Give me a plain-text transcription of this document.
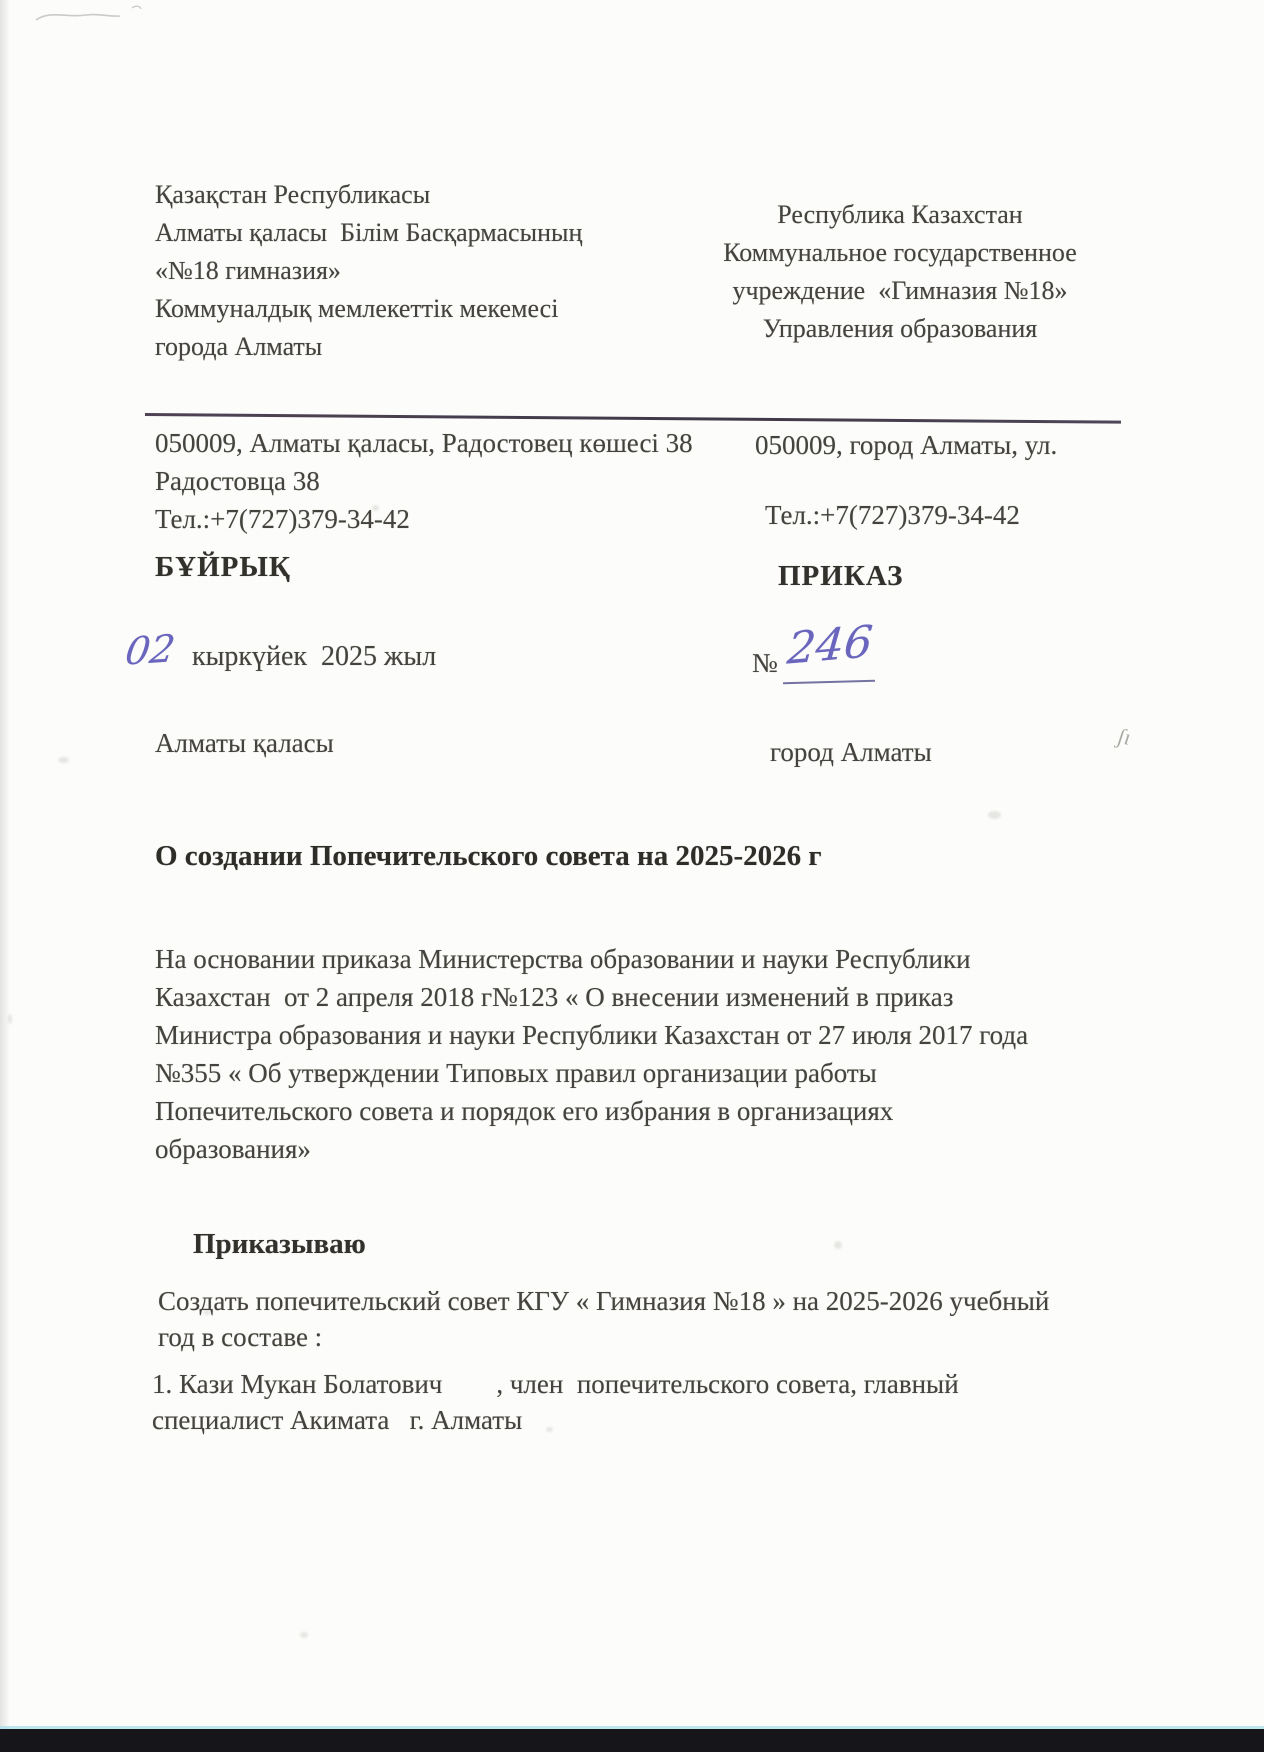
Қазақстан Республикасы
Алматы қаласы  Білім Басқармасының
«№18 гимназия»
Коммуналдық мемлекеттік мекемесі
города Алматы
Республика Казахстан
Коммунальное государственное
учреждение  «Гимназия №18»
Управления образования
050009, Алматы қаласы, Радостовец көшесі 38
Радостовца 38
Тел.:+7(727)379-34-42
050009, город Алматы, ул.
Тел.:+7(727)379-34-42
БҰЙРЫҚ	ПРИКАЗ
02 кыркүйек  2025 жыл	№ 246
Алматы қаласы	город Алматы
ʃı
О создании Попечительского совета на 2025-2026 г
На основании приказа Министерства образовании и науки Республики
Казахстан  от 2 апреля 2018 г№123 « О внесении изменений в приказ
Министра образования и науки Республики Казахстан от 27 июля 2017 года
№355 « Об утверждении Типовых правил организации работы
Попечительского совета и порядок его избрания в организациях
образования»
Приказываю
Создать попечительский совет КГУ « Гимназия №18 » на 2025-2026 учебный
год в составе :
1. Кази Мукан Болатович        , член  попечительского совета, главный
специалист Акимата   г. Алматы
